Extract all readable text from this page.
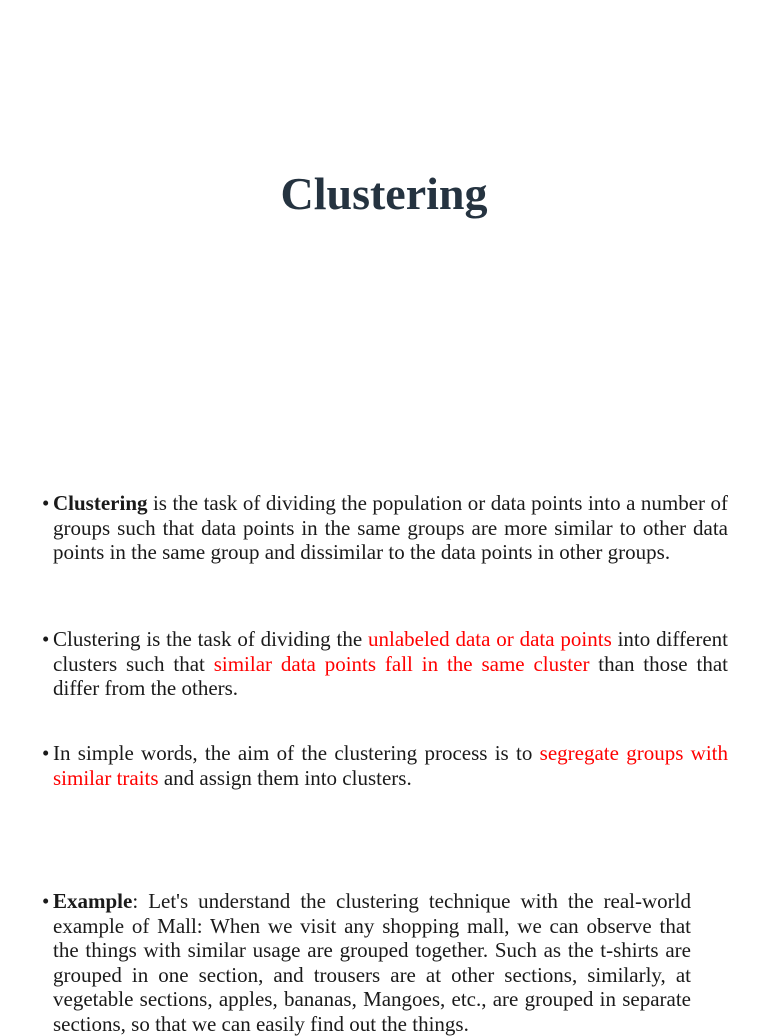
Clustering

• Clustering is the task of dividing the population or data points into a number of groups such that data points in the same groups are more similar to other data points in the same group and dissimilar to the data points in other groups.

• Clustering is the task of dividing the unlabeled data or data points into different clusters such that similar data points fall in the same cluster than those that differ from the others.

• In simple words, the aim of the clustering process is to segregate groups with similar traits and assign them into clusters.

• Example: Let's understand the clustering technique with the real-world example of Mall: When we visit any shopping mall, we can observe that the things with similar usage are grouped together. Such as the t-shirts are grouped in one section, and trousers are at other sections, similarly, at vegetable sections, apples, bananas, Mangoes, etc., are grouped in separate sections, so that we can easily find out the things.
